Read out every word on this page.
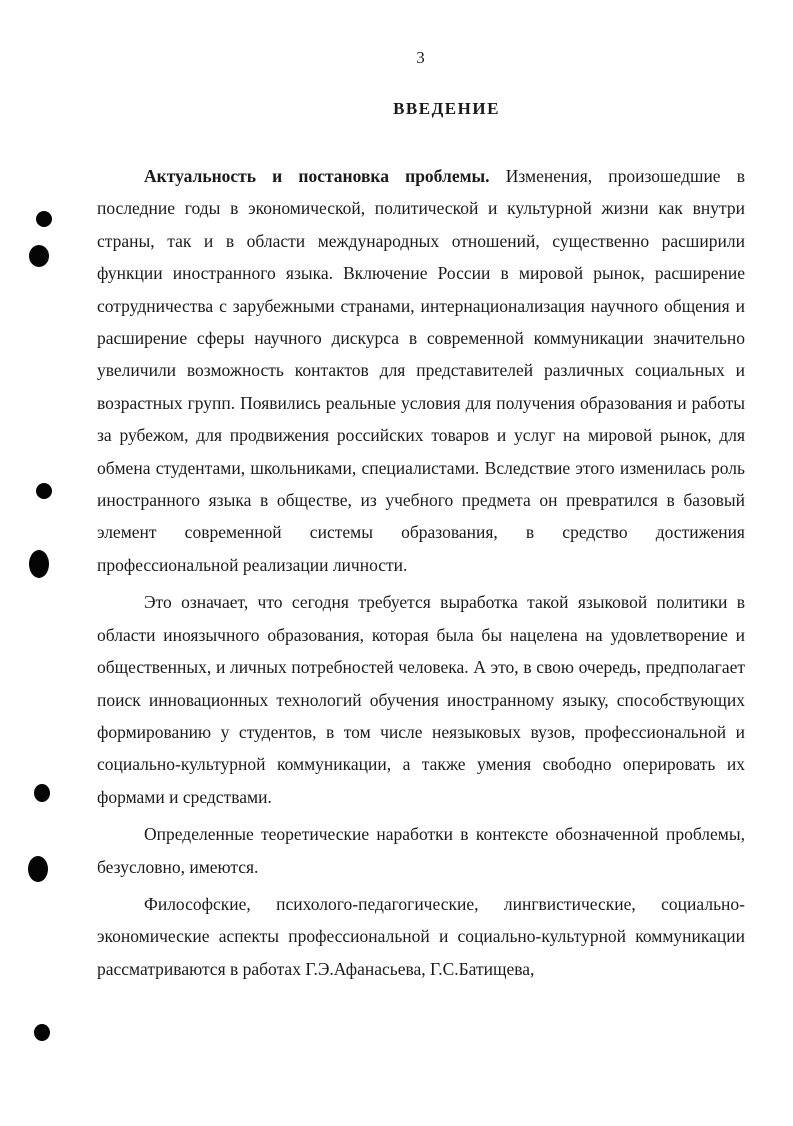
3
ВВЕДЕНИЕ

Актуальность и постановка проблемы. Изменения, произошедшие в последние годы в экономической, политической и культурной жизни как внутри страны, так и в области международных отношений, существенно расширили функции иностранного языка. Включение России в мировой рынок, расширение сотрудничества с зарубежными странами, интернационализация научного общения и расширение сферы научного дискурса в современной коммуникации значительно увеличили возможность контактов для представителей различных социальных и возрастных групп. Появились реальные условия для получения образования и работы за рубежом, для продвижения российских товаров и услуг на мировой рынок, для обмена студентами, школьниками, специалистами. Вследствие этого изменилась роль иностранного языка в обществе, из учебного предмета он превратился в базовый элемент современной системы образования, в средство достижения профессиональной реализации личности.

Это означает, что сегодня требуется выработка такой языковой политики в области иноязычного образования, которая была бы нацелена на удовлетворение и общественных, и личных потребностей человека. А это, в свою очередь, предполагает поиск инновационных технологий обучения иностранному языку, способствующих формированию у студентов, в том числе неязыковых вузов, профессиональной и социально-культурной коммуникации, а также умения свободно оперировать их формами и средствами.

Определенные теоретические наработки в контексте обозначенной проблемы, безусловно, имеются.

Философские, психолого-педагогические, лингвистические, социально-экономические аспекты профессиональной и социально-культурной коммуникации рассматриваются в работах Г.Э.Афанасьева, Г.С.Батищева,
